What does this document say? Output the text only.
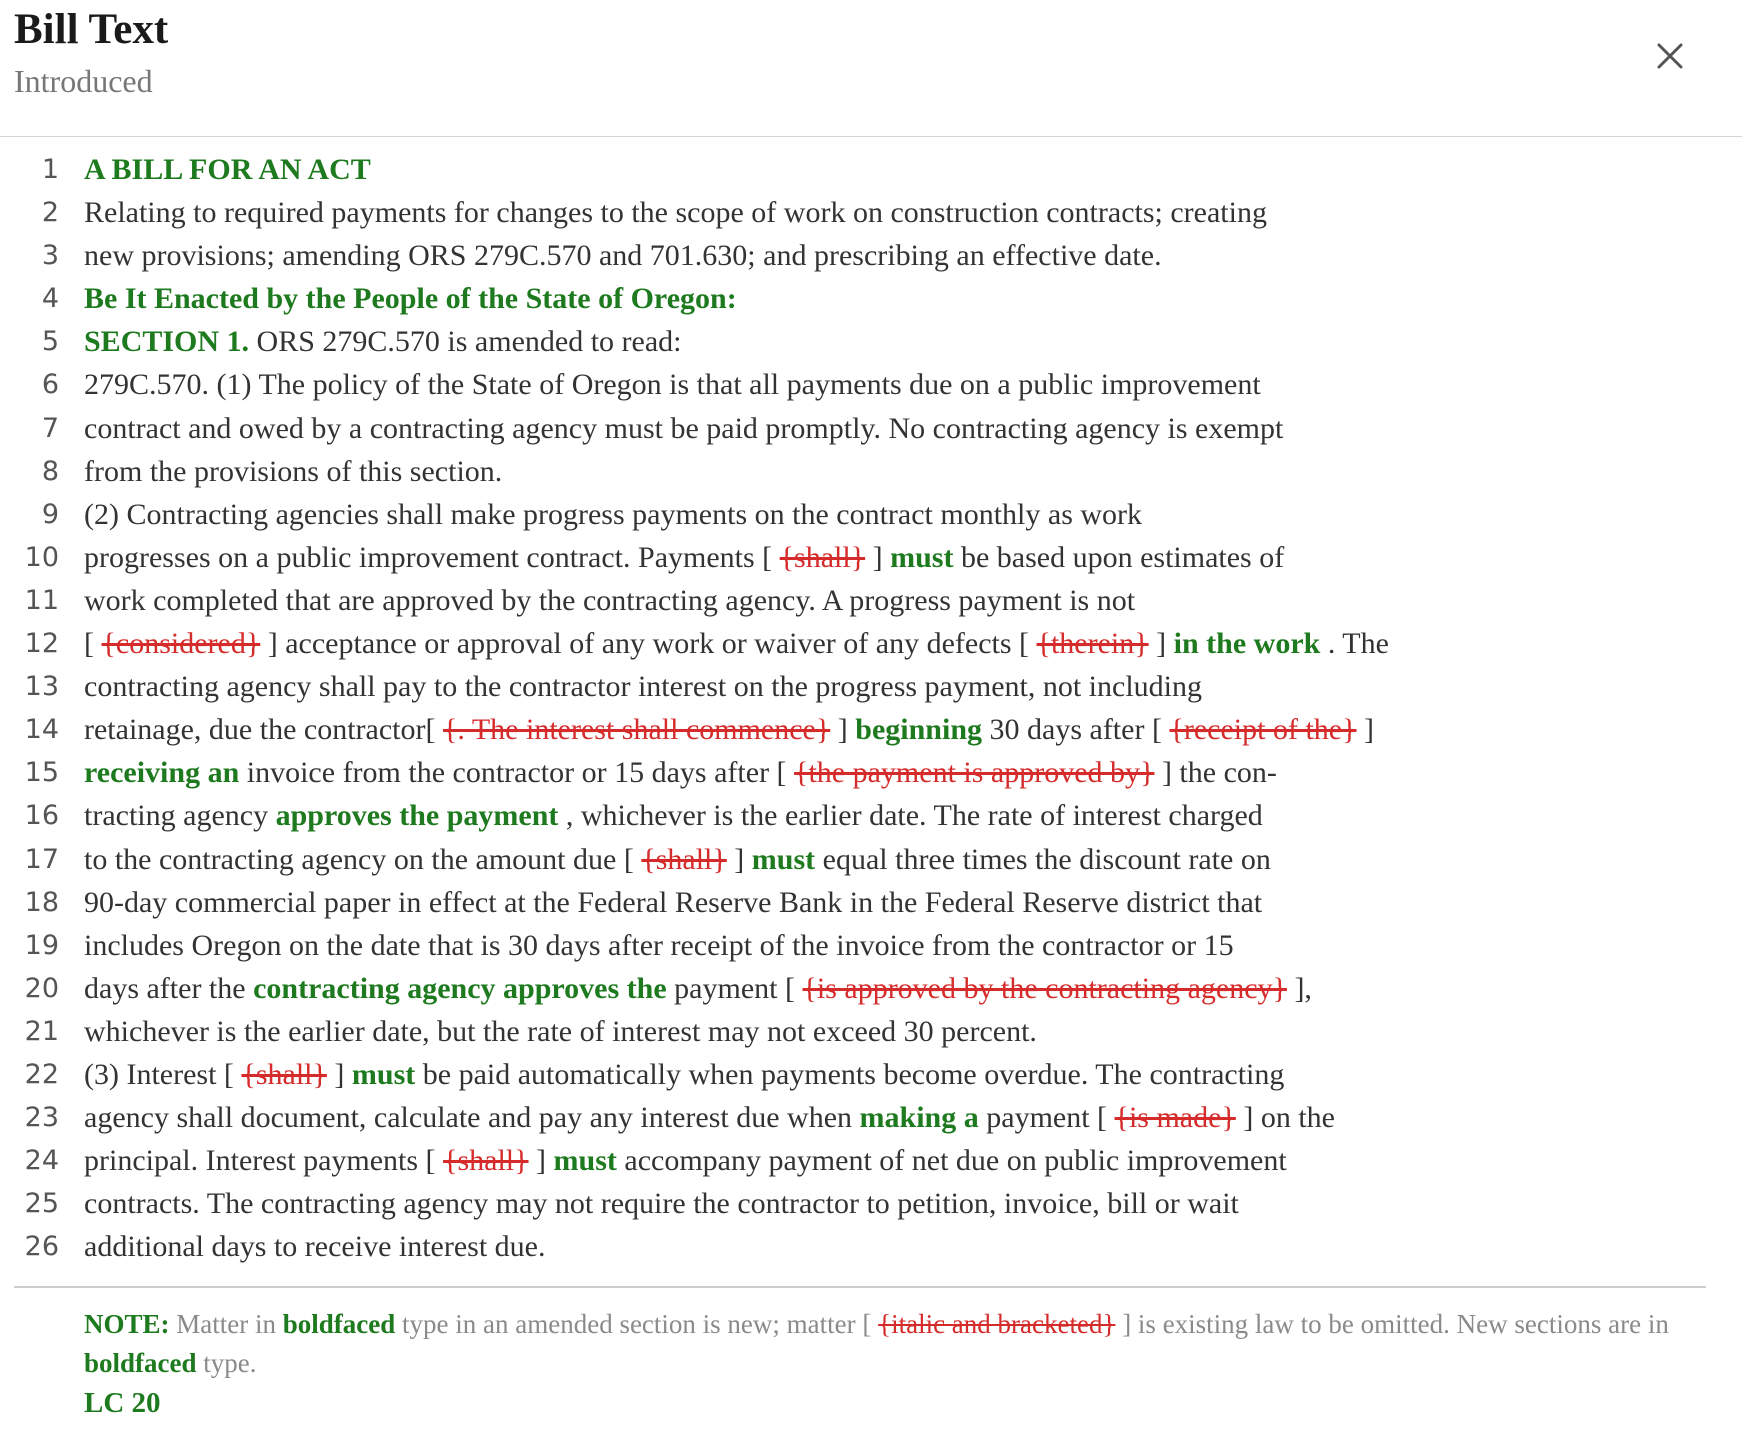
Bill Text
Introduced
1 A BILL FOR AN ACT
2 Relating to required payments for changes to the scope of work on construction contracts; creating
3 new provisions; amending ORS 279C.570 and 701.630; and prescribing an effective date.
4 Be It Enacted by the People of the State of Oregon:
5 SECTION 1. ORS 279C.570 is amended to read:
6 279C.570. (1) The policy of the State of Oregon is that all payments due on a public improvement
7 contract and owed by a contracting agency must be paid promptly. No contracting agency is exempt
8 from the provisions of this section.
9 (2) Contracting agencies shall make progress payments on the contract monthly as work
10 progresses on a public improvement contract. Payments [ {shall} ] must be based upon estimates of
11 work completed that are approved by the contracting agency. A progress payment is not
12 [ {considered} ] acceptance or approval of any work or waiver of any defects [ {therein} ] in the work . The
13 contracting agency shall pay to the contractor interest on the progress payment, not including
14 retainage, due the contractor[ {. The interest shall commence} ] beginning 30 days after [ {receipt of the} ]
15 receiving an invoice from the contractor or 15 days after [ {the payment is approved by} ] the con-
16 tracting agency approves the payment , whichever is the earlier date. The rate of interest charged
17 to the contracting agency on the amount due [ {shall} ] must equal three times the discount rate on
18 90-day commercial paper in effect at the Federal Reserve Bank in the Federal Reserve district that
19 includes Oregon on the date that is 30 days after receipt of the invoice from the contractor or 15
20 days after the contracting agency approves the payment [ {is approved by the contracting agency} ],
21 whichever is the earlier date, but the rate of interest may not exceed 30 percent.
22 (3) Interest [ {shall} ] must be paid automatically when payments become overdue. The contracting
23 agency shall document, calculate and pay any interest due when making a payment [ {is made} ] on the
24 principal. Interest payments [ {shall} ] must accompany payment of net due on public improvement
25 contracts. The contracting agency may not require the contractor to petition, invoice, bill or wait
26 additional days to receive interest due.
NOTE: Matter in boldfaced type in an amended section is new; matter [ {italic and bracketed} ] is existing law to be omitted. New sections are in boldfaced type.
LC 20
